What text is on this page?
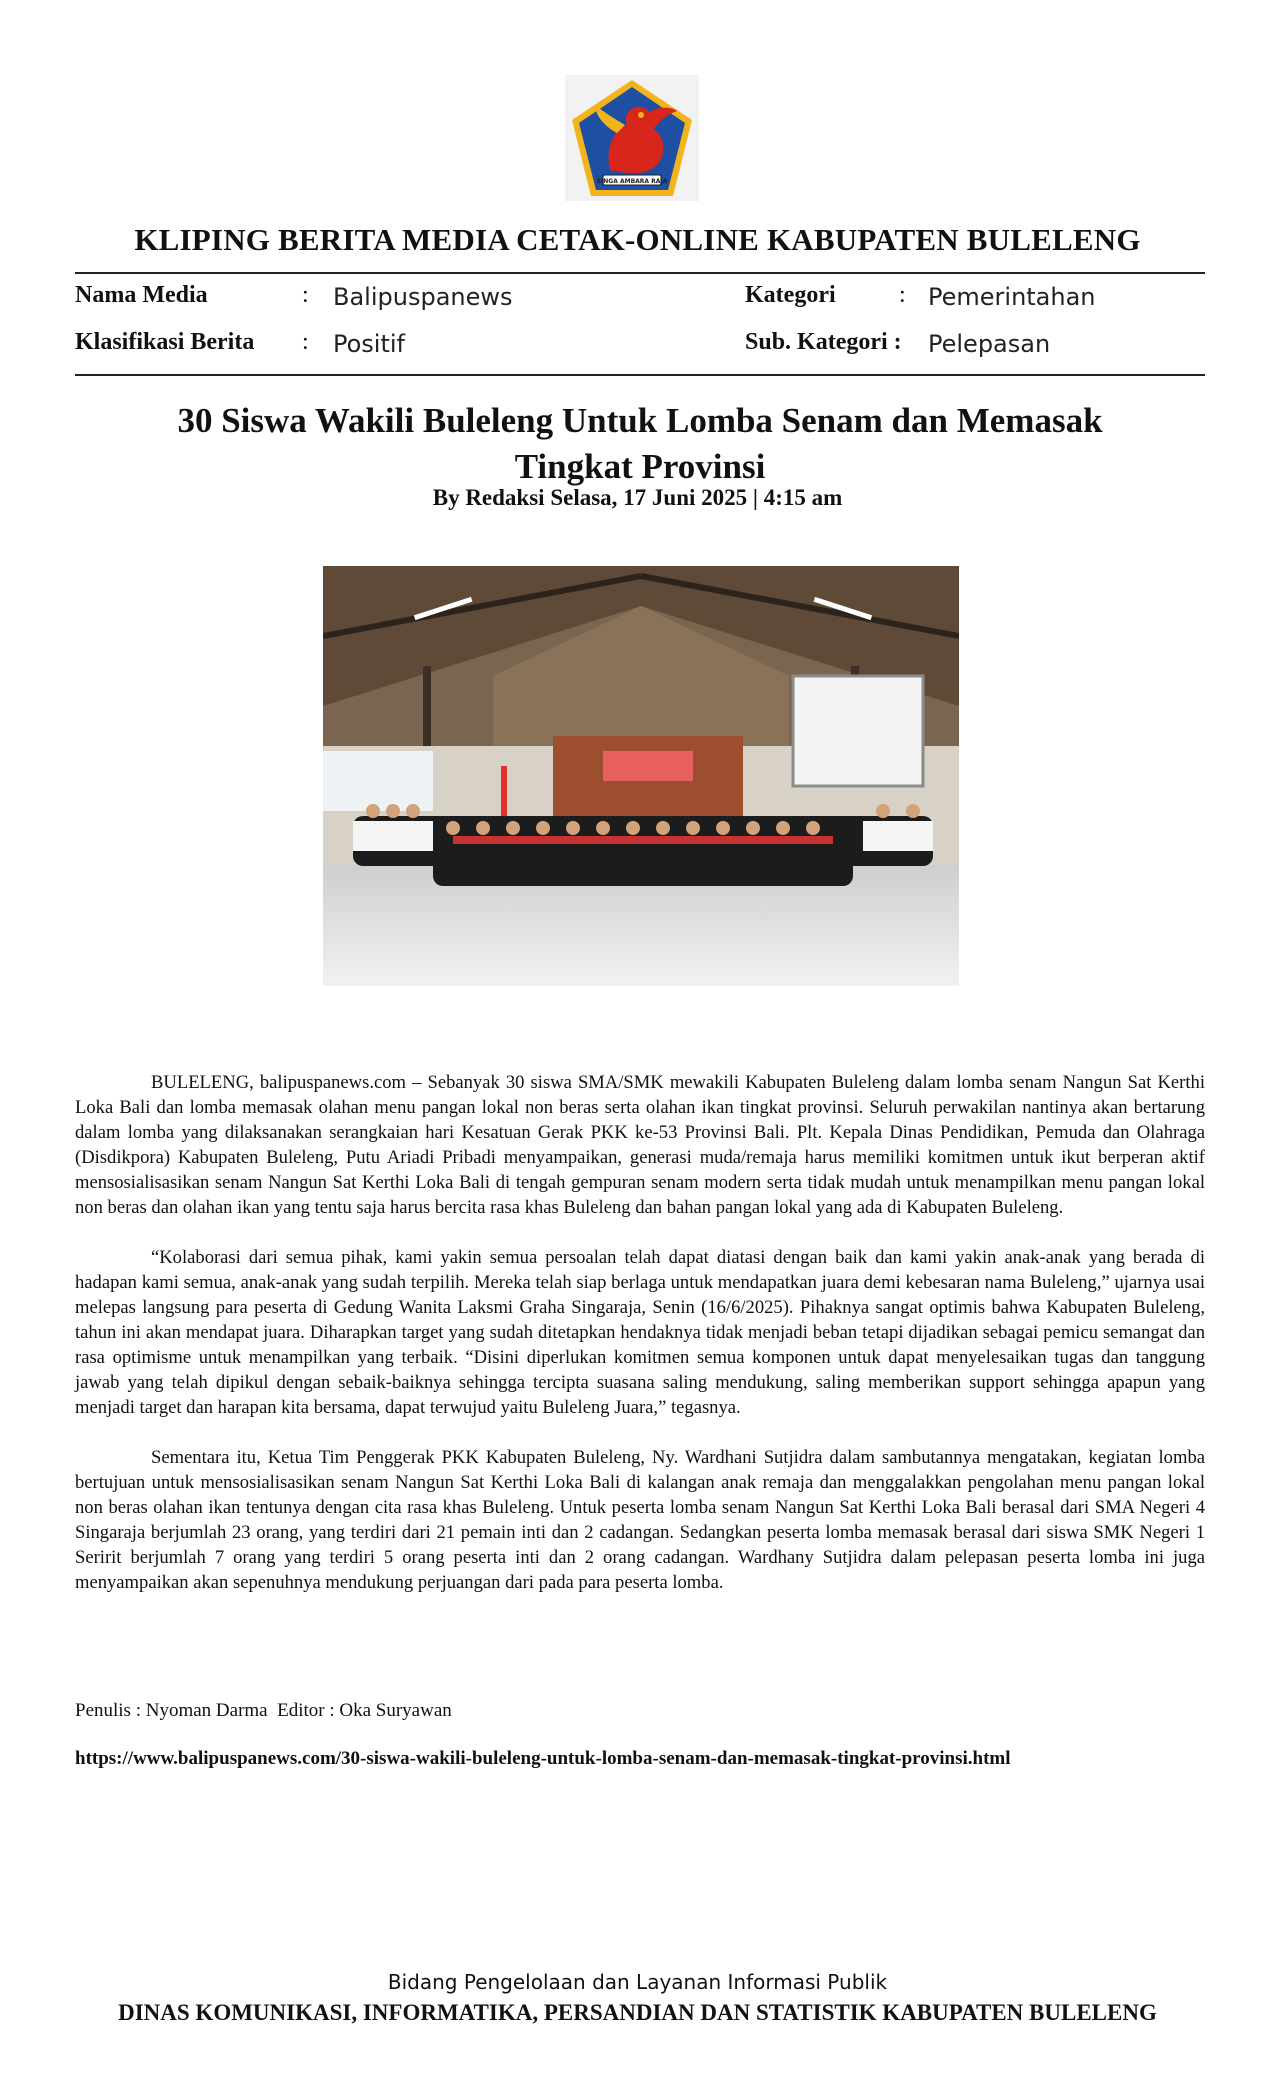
SINGA AMBARA RAJA
KLIPING BERITA MEDIA CETAK-ONLINE KABUPATEN BULELENG
Nama Media	: Balipuspanews	Kategori	: Pemerintahan
Klasifikasi Berita : Positif	Sub. Kategori : Pelepasan
30 Siswa Wakili Buleleng Untuk Lomba Senam dan Memasak Tingkat Provinsi
By Redaksi Selasa, 17 Juni 2025 | 4:15 am

BULELENG, balipuspanews.com – Sebanyak 30 siswa SMA/SMK mewakili Kabupaten Buleleng dalam lomba senam Nangun Sat Kerthi Loka Bali dan lomba memasak olahan menu pangan lokal non beras serta olahan ikan tingkat provinsi. Seluruh perwakilan nantinya akan bertarung dalam lomba yang dilaksanakan serangkaian hari Kesatuan Gerak PKK ke-53 Provinsi Bali. Plt. Kepala Dinas Pendidikan, Pemuda dan Olahraga (Disdikpora) Kabupaten Buleleng, Putu Ariadi Pribadi menyampaikan, generasi muda/remaja harus memiliki komitmen untuk ikut berperan aktif mensosialisasikan senam Nangun Sat Kerthi Loka Bali di tengah gempuran senam modern serta tidak mudah untuk menampilkan menu pangan lokal non beras dan olahan ikan yang tentu saja harus bercita rasa khas Buleleng dan bahan pangan lokal yang ada di Kabupaten Buleleng.

“Kolaborasi dari semua pihak, kami yakin semua persoalan telah dapat diatasi dengan baik dan kami yakin anak-anak yang berada di hadapan kami semua, anak-anak yang sudah terpilih. Mereka telah siap berlaga untuk mendapatkan juara demi kebesaran nama Buleleng,” ujarnya usai melepas langsung para peserta di Gedung Wanita Laksmi Graha Singaraja, Senin (16/6/2025). Pihaknya sangat optimis bahwa Kabupaten Buleleng, tahun ini akan mendapat juara. Diharapkan target yang sudah ditetapkan hendaknya tidak menjadi beban tetapi dijadikan sebagai pemicu semangat dan rasa optimisme untuk menampilkan yang terbaik. “Disini diperlukan komitmen semua komponen untuk dapat menyelesaikan tugas dan tanggung jawab yang telah dipikul dengan sebaik-baiknya sehingga tercipta suasana saling mendukung, saling memberikan support sehingga apapun yang menjadi target dan harapan kita bersama, dapat terwujud yaitu Buleleng Juara,” tegasnya.

Sementara itu, Ketua Tim Penggerak PKK Kabupaten Buleleng, Ny. Wardhani Sutjidra dalam sambutannya mengatakan, kegiatan lomba bertujuan untuk mensosialisasikan senam Nangun Sat Kerthi Loka Bali di kalangan anak remaja dan menggalakkan pengolahan menu pangan lokal non beras olahan ikan tentunya dengan cita rasa khas Buleleng. Untuk peserta lomba senam Nangun Sat Kerthi Loka Bali berasal dari SMA Negeri 4 Singaraja berjumlah 23 orang, yang terdiri dari 21 pemain inti dan 2 cadangan. Sedangkan peserta lomba memasak berasal dari siswa SMK Negeri 1 Seririt berjumlah 7 orang yang terdiri 5 orang peserta inti dan 2 orang cadangan. Wardhany Sutjidra dalam pelepasan peserta lomba ini juga menyampaikan akan sepenuhnya mendukung perjuangan dari pada para peserta lomba.

Penulis : Nyoman Darma  Editor : Oka Suryawan
https://www.balipuspanews.com/30-siswa-wakili-buleleng-untuk-lomba-senam-dan-memasak-tingkat-provinsi.html
Bidang Pengelolaan dan Layanan Informasi Publik
DINAS KOMUNIKASI, INFORMATIKA, PERSANDIAN DAN STATISTIK KABUPATEN BULELENG
